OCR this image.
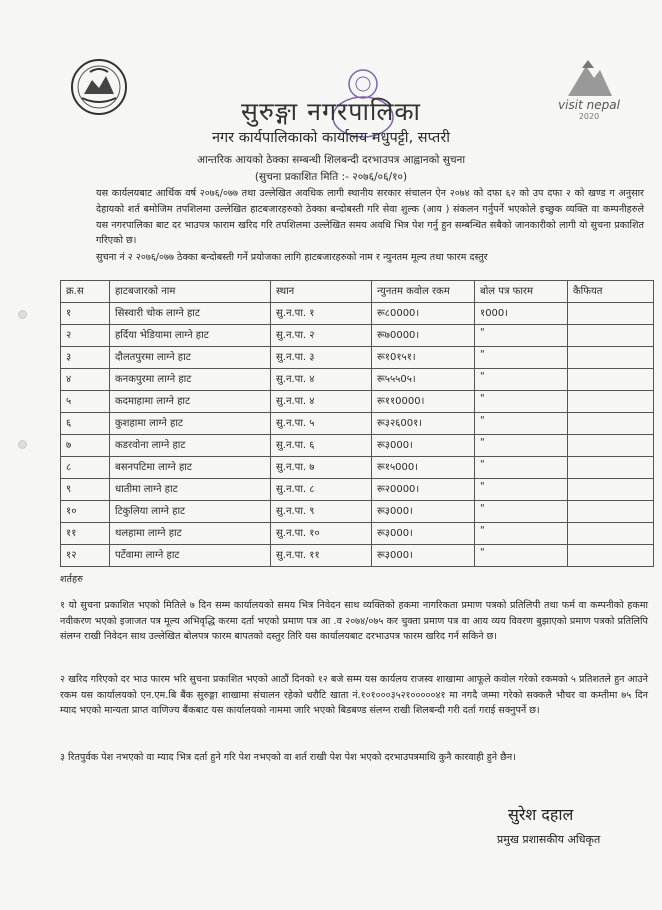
visit nepal
2020
सुरुङ्गा नगरपालिका
नगर कार्यपालिकाको कार्यालय मधुपट्टी, सप्तरी
आन्तरिक आयको ठेक्का सम्बन्धी शिलबन्दी दरभाउपत्र आह्वानको सुचना
(सुचना प्रकाशित मिति :- २०७६/०६/१०)
यस कार्यलयबाट आर्थिक वर्ष २०७६/०७७ तथा उल्लेखित अवधिक लागी स्थानीय सरकार संचालन ऐन २०७४ को दफा ६२ को उप दफा २ को खण्ड ग अनुसार देहायको शर्त बमोजिम तपशिलमा उल्लेखित हाटबजारहरुको ठेक्का बन्दोबस्ती गरि सेवा शुल्क (आय ) संकलन गर्नुपर्ने भएकोले इच्छुक व्यक्ति वा कम्पनीहरुले यस नगरपालिका बाट दर भाउपत्र फाराम खरिद गरि तपशिलमा उल्लेखित समय अवधि भित्र पेश गर्नु हुन सम्बन्धित सबैको जानकारीको लागी यो सुचना प्रकाशित गरिएको छ।
सुचना नं २ २०७६/०७७ ठेक्का बन्दोबस्ती गर्ने प्रयोजका लागि हाटबजारहरुको नाम र न्युनतम मूल्य तथा फारम दस्तुर
क्र.स	हाटबजारको नाम	स्थान	न्युनतम कवोल रकम	बोल पत्र फारम	कैफियत
१	सिस्वारी चोक लाग्ने हाट	सु.न.पा. १	रू८0000।	१000।	
२	हर्दिया भेडियामा लाग्ने हाट	सु.न.पा. २	रू७0000।	"	
३	दौलतपुरमा लाग्ने हाट	सु.न.पा. ३	रू१0१५१।	"	
४	कनकपुरमा लाग्ने हाट	सु.न.पा. ४	रू५५५0५।	"	
५	कदमाहामा लाग्ने हाट	सु.न.पा. ४	रू११0000।	"	
६	कुशहामा लाग्ने हाट	सु.न.पा. ५	रू३२६00१।	"	
७	कडरवोना लाग्ने हाट	सु.न.पा. ६	रू३000।	"	
८	बसनपटिमा लाग्ने हाट	सु.न.पा. ७	रू१५000।	"	
९	धातीमा लाग्ने हाट	सु.न.पा. ८	रू२0000।	"	
१०	टिकुलिया लाग्ने हाट	सु.न.पा. ९	रू३000।	"	
११	थलहामा लाग्ने हाट	सु.न.पा. १०	रू३000।	"	
१२	पर्टेवामा लाग्ने हाट	सु.न.पा. ११	रू३000।	"	
शर्तहरु
१ यो सुचना प्रकाशित भएको मितिले ७ दिन सम्म कार्यालयको समय भित्र निवेदन साथ व्यक्तिको हकमा नागरिकता प्रमाण पत्रको प्रतिलिपी तथा फर्म वा कम्पनीको हकमा नवीकरण भएको इजाजत पत्र मूल्य अभिवृद्धि करमा दर्ता भएको प्रमाण पत्र आ .व २०७४/०७५ कर चुक्ता प्रमाण पत्र वा आय व्यय विवरण बुझाएको प्रमाण पत्रको प्रतिलिपि संलग्न राखी निवेदन साथ उल्लेखित बोलपत्र फारम बापतको दस्तुर तिरि यस कार्यालयबाट दरभाउपत्र फारम खरिद गर्न सकिने छ।
२ खरिद गरिएको दर भाउ फारम भरि सुचना प्रकाशित भएको आठौं दिनको १२ बजे सम्म यस कार्यलय राजस्व शाखामा आफूले कवोल गरेको रकमको ५ प्रतिशतले हुन आउने रकम यस कार्यालयको एन.एम.बि बैंक सुरुङ्गा शाखामा संचालन रहेको धरौटि खाता नं.१०१०००३५२१०००००४१ मा नगदै जम्मा गरेको सक्कलै भौचर वा कम्तीमा ७५ दिन म्याद भएको मान्यता प्राप्त वाणिज्य बैंकबाट यस कार्यालयको नाममा जारि भएको बिडबण्ड संलग्न राखी शिलबन्दी गरी दर्ता गराई सक्नुपर्ने छ।
३ रितपुर्वक पेश नभएको वा म्याद भित्र दर्ता हुने गरि पेश नभएको वा शर्त राखी पेश पेश भएको दरभाउपत्रमाथि कुनै कारवाही हुने छैन।
सुरेश दहाल
प्रमुख प्रशासकीय अधिकृत
